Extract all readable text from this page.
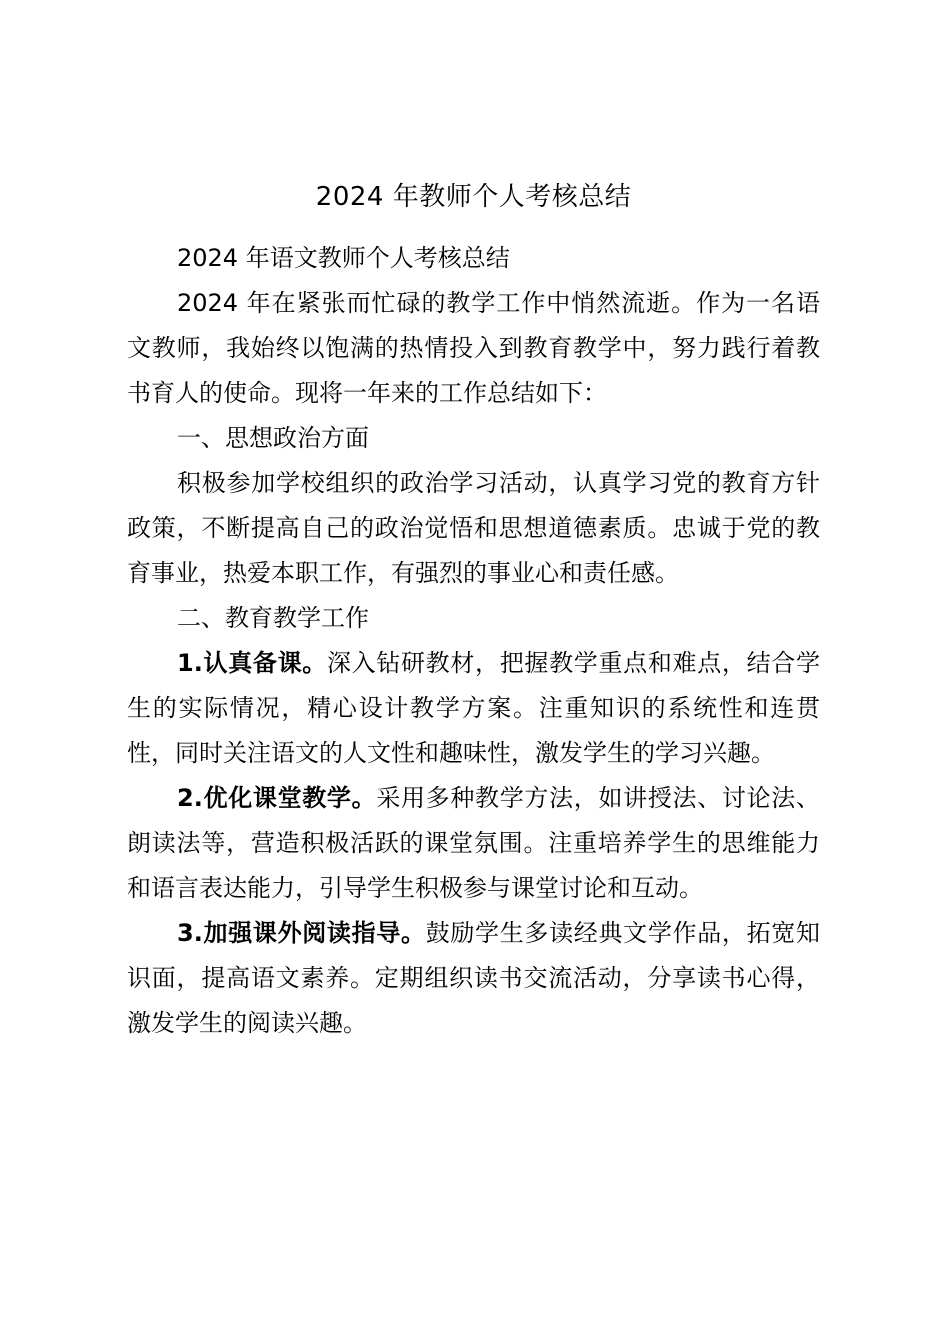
2024 年教师个人考核总结

2024 年语文教师个人考核总结

2024 年在紧张而忙碌的教学工作中悄然流逝。作为一名语文教师，我始终以饱满的热情投入到教育教学中，努力践行着教书育人的使命。现将一年来的工作总结如下：

一、思想政治方面

积极参加学校组织的政治学习活动，认真学习党的教育方针政策，不断提高自己的政治觉悟和思想道德素质。忠诚于党的教育事业，热爱本职工作，有强烈的事业心和责任感。

二、教育教学工作

1.认真备课。深入钻研教材，把握教学重点和难点，结合学生的实际情况，精心设计教学方案。注重知识的系统性和连贯性，同时关注语文的人文性和趣味性，激发学生的学习兴趣。

2.优化课堂教学。采用多种教学方法，如讲授法、讨论法、朗读法等，营造积极活跃的课堂氛围。注重培养学生的思维能力和语言表达能力，引导学生积极参与课堂讨论和互动。

3.加强课外阅读指导。鼓励学生多读经典文学作品，拓宽知识面，提高语文素养。定期组织读书交流活动，分享读书心得，激发学生的阅读兴趣。
